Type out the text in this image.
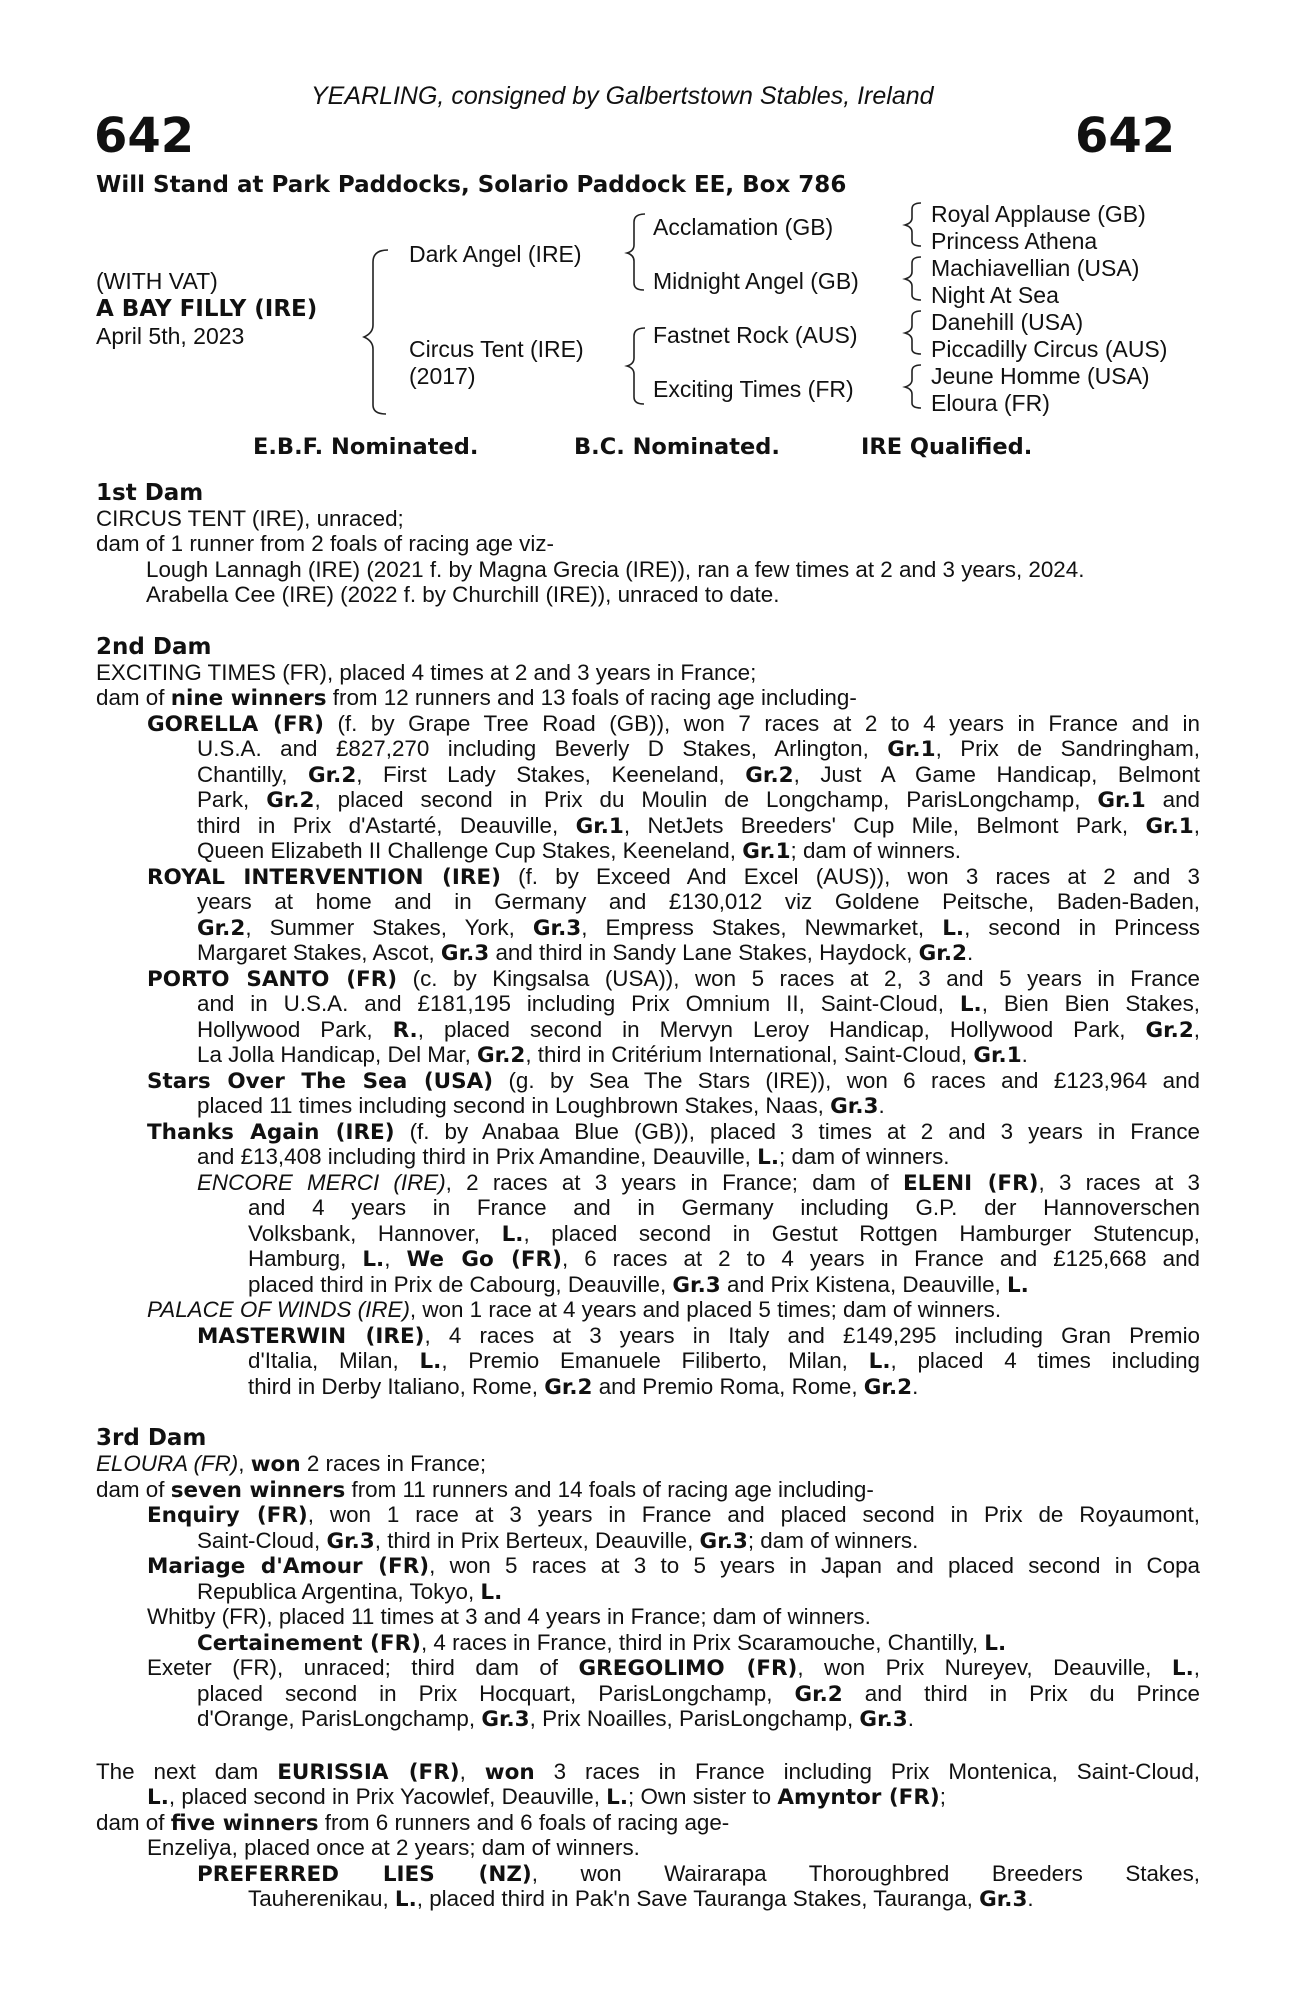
YEARLING, consigned by Galbertstown Stables, Ireland
642	642
Will Stand at Park Paddocks, Solario Paddock EE, Box 786
(WITH VAT)
A BAY FILLY (IRE)
April 5th, 2023
Dark Angel (IRE)
Circus Tent (IRE)
(2017)
Acclamation (GB)
Midnight Angel (GB)
Fastnet Rock (AUS)
Exciting Times (FR)
Royal Applause (GB)
Princess Athena
Machiavellian (USA)
Night At Sea
Danehill (USA)
Piccadilly Circus (AUS)
Jeune Homme (USA)
Eloura (FR)
E.B.F. Nominated.	B.C. Nominated.	IRE Qualified.
1st Dam
CIRCUS TENT (IRE), unraced;
dam of 1 runner from 2 foals of racing age viz-
Lough Lannagh (IRE) (2021 f. by Magna Grecia (IRE)), ran a few times at 2 and 3 years, 2024.
Arabella Cee (IRE) (2022 f. by Churchill (IRE)), unraced to date.
2nd Dam
EXCITING TIMES (FR), placed 4 times at 2 and 3 years in France;
dam of nine winners from 12 runners and 13 foals of racing age including-
GORELLA (FR) (f. by Grape Tree Road (GB)), won 7 races at 2 to 4 years in France and in
U.S.A. and £827,270 including Beverly D Stakes, Arlington, Gr.1, Prix de Sandringham,
Chantilly, Gr.2, First Lady Stakes, Keeneland, Gr.2, Just A Game Handicap, Belmont
Park, Gr.2, placed second in Prix du Moulin de Longchamp, ParisLongchamp, Gr.1 and
third in Prix d'Astarté, Deauville, Gr.1, NetJets Breeders' Cup Mile, Belmont Park, Gr.1,
Queen Elizabeth II Challenge Cup Stakes, Keeneland, Gr.1; dam of winners.
ROYAL INTERVENTION (IRE) (f. by Exceed And Excel (AUS)), won 3 races at 2 and 3
years at home and in Germany and £130,012 viz Goldene Peitsche, Baden-Baden,
Gr.2, Summer Stakes, York, Gr.3, Empress Stakes, Newmarket, L., second in Princess
Margaret Stakes, Ascot, Gr.3 and third in Sandy Lane Stakes, Haydock, Gr.2.
PORTO SANTO (FR) (c. by Kingsalsa (USA)), won 5 races at 2, 3 and 5 years in France
and in U.S.A. and £181,195 including Prix Omnium II, Saint-Cloud, L., Bien Bien Stakes,
Hollywood Park, R., placed second in Mervyn Leroy Handicap, Hollywood Park, Gr.2,
La Jolla Handicap, Del Mar, Gr.2, third in Critérium International, Saint-Cloud, Gr.1.
Stars Over The Sea (USA) (g. by Sea The Stars (IRE)), won 6 races and £123,964 and
placed 11 times including second in Loughbrown Stakes, Naas, Gr.3.
Thanks Again (IRE) (f. by Anabaa Blue (GB)), placed 3 times at 2 and 3 years in France
and £13,408 including third in Prix Amandine, Deauville, L.; dam of winners.
ENCORE MERCI (IRE), 2 races at 3 years in France; dam of ELENI (FR), 3 races at 3
and 4 years in France and in Germany including G.P. der Hannoverschen
Volksbank, Hannover, L., placed second in Gestut Rottgen Hamburger Stutencup,
Hamburg, L., We Go (FR), 6 races at 2 to 4 years in France and £125,668 and
placed third in Prix de Cabourg, Deauville, Gr.3 and Prix Kistena, Deauville, L.
PALACE OF WINDS (IRE), won 1 race at 4 years and placed 5 times; dam of winners.
MASTERWIN (IRE), 4 races at 3 years in Italy and £149,295 including Gran Premio
d'Italia, Milan, L., Premio Emanuele Filiberto, Milan, L., placed 4 times including
third in Derby Italiano, Rome, Gr.2 and Premio Roma, Rome, Gr.2.
3rd Dam
ELOURA (FR), won 2 races in France;
dam of seven winners from 11 runners and 14 foals of racing age including-
Enquiry (FR), won 1 race at 3 years in France and placed second in Prix de Royaumont,
Saint-Cloud, Gr.3, third in Prix Berteux, Deauville, Gr.3; dam of winners.
Mariage d'Amour (FR), won 5 races at 3 to 5 years in Japan and placed second in Copa
Republica Argentina, Tokyo, L.
Whitby (FR), placed 11 times at 3 and 4 years in France; dam of winners.
Certainement (FR), 4 races in France, third in Prix Scaramouche, Chantilly, L.
Exeter (FR), unraced; third dam of GREGOLIMO (FR), won Prix Nureyev, Deauville, L.,
placed second in Prix Hocquart, ParisLongchamp, Gr.2 and third in Prix du Prince
d'Orange, ParisLongchamp, Gr.3, Prix Noailles, ParisLongchamp, Gr.3.
The next dam EURISSIA (FR), won 3 races in France including Prix Montenica, Saint-Cloud,
L., placed second in Prix Yacowlef, Deauville, L.; Own sister to Amyntor (FR);
dam of five winners from 6 runners and 6 foals of racing age-
Enzeliya, placed once at 2 years; dam of winners.
PREFERRED LIES (NZ), won Wairarapa Thoroughbred Breeders Stakes,
Tauherenikau, L., placed third in Pak'n Save Tauranga Stakes, Tauranga, Gr.3.
